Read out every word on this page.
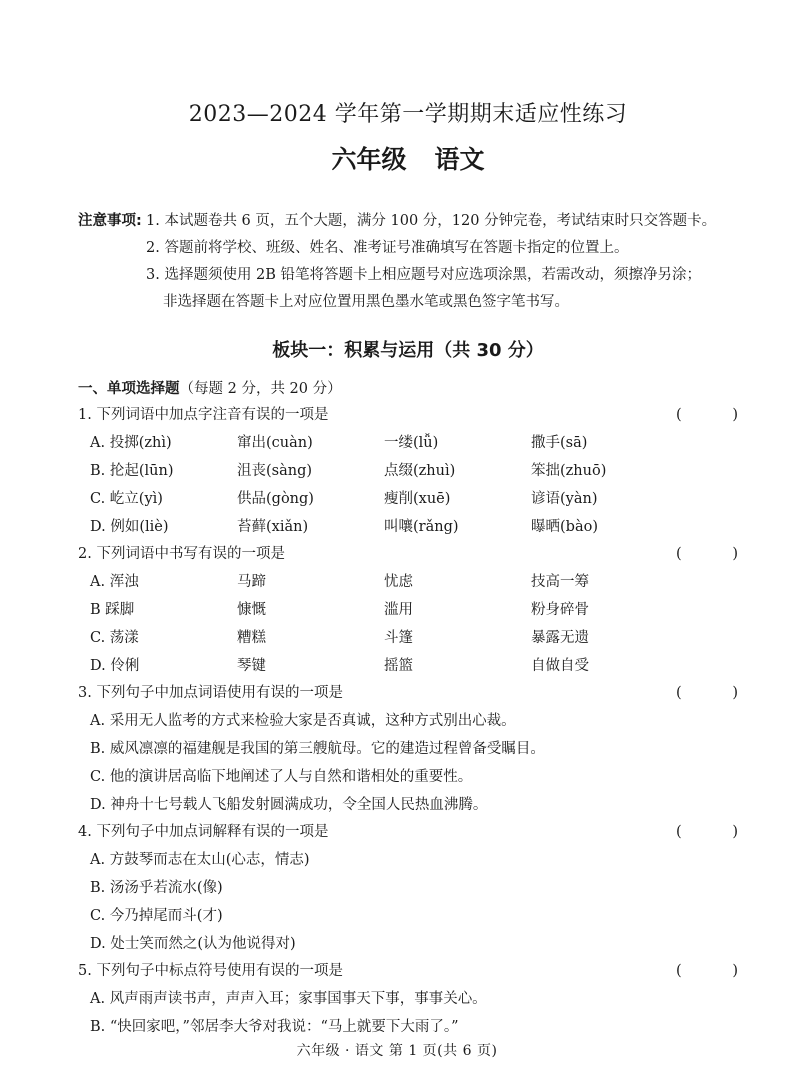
2023—2024 学年第一学期期末适应性练习
六年级 语文
注意事项: 1. 本试题卷共 6 页，五个大题，满分 100 分，120 分钟完卷，考试结束时只交答题卡。
2. 答题前将学校、班级、姓名、准考证号准确填写在答题卡指定的位置上。
3. 选择题须使用 2B 铅笔将答题卡上相应题号对应选项涂黑，若需改动，须擦净另涂；
非选择题在答题卡上对应位置用黑色墨水笔或黑色签字笔书写。
板块一：积累与运用（共 30 分）
一、单项选择题（每题 2 分，共 20 分）
1. 下列词语中加点字注音有误的一项是	(	)
A. 投掷(zhì)	窜出(cuàn)	一缕(lǚ)	撒手(sā)
B. 抡起(lūn)	沮丧(sàng)	点缀(zhuì)	笨拙(zhuō)
C. 屹立(yì)	供品(gòng)	瘦削(xuē)	谚语(yàn)
D. 例如(liè)	苔藓(xiǎn)	叫嚷(rǎng)	曝晒(bào)
2. 下列词语中书写有误的一项是	(	)
A. 浑浊	马蹄	忧虑	技高一筹
B 踩脚	慷慨	滥用	粉身碎骨
C. 荡漾	糟糕	斗篷	暴露无遗
D. 伶俐	琴键	摇篮	自做自受
3. 下列句子中加点词语使用有误的一项是	(	)
A. 采用无人监考的方式来检验大家是否真诚，这种方式别出心裁。
B. 威风凛凛的福建舰是我国的第三艘航母。它的建造过程曾备受瞩目。
C. 他的演讲居高临下地阐述了人与自然和谐相处的重要性。
D. 神舟十七号载人飞船发射圆满成功，令全国人民热血沸腾。
4. 下列句子中加点词解释有误的一项是	(	)
A. 方鼓琴而志在太山(心志，情志)
B. 汤汤乎若流水(像)
C. 今乃掉尾而斗(才)
D. 处士笑而然之(认为他说得对)
5. 下列句子中标点符号使用有误的一项是	(	)
A. 风声雨声读书声，声声入耳；家事国事天下事，事事关心。
B. “快回家吧，”邻居李大爷对我说：“马上就要下大雨了。”
六年级 · 语文 第 1 页(共 6 页)
